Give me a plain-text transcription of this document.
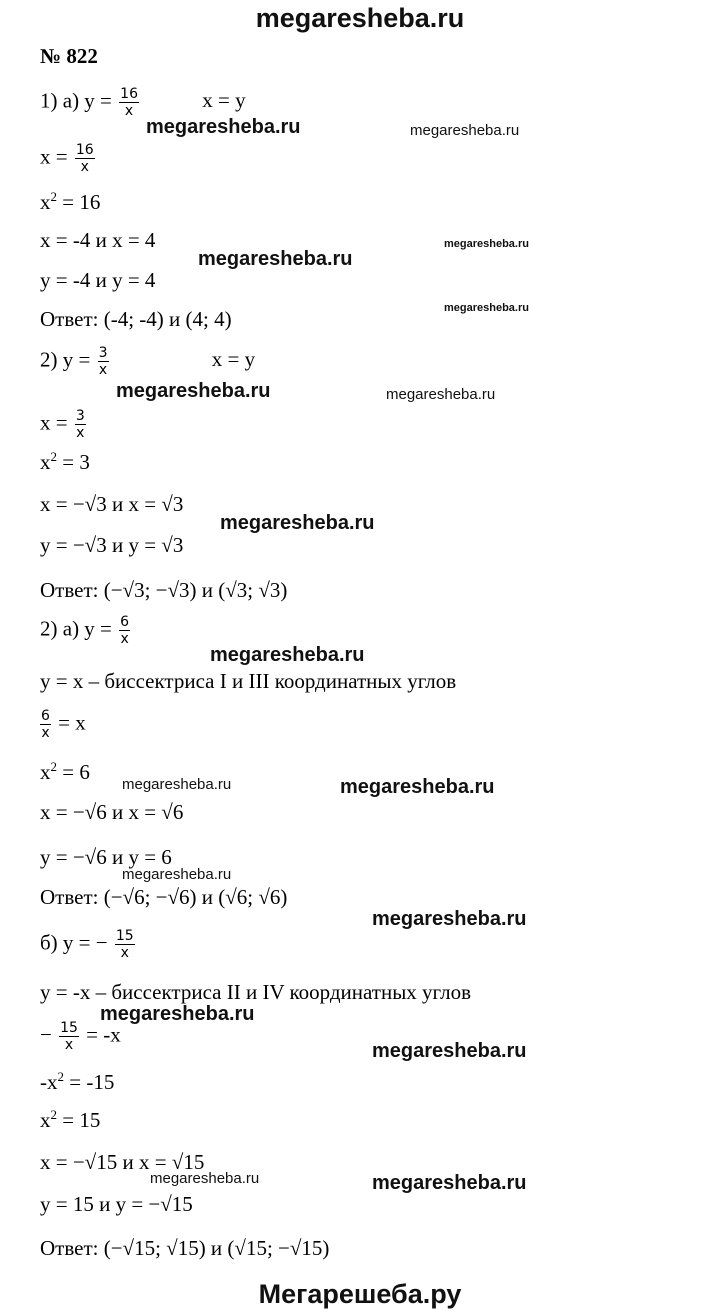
megaresheba.ru
№ 822
1) а) $у = \frac{16}{x}$	x = y
$x = \frac{16}{x}$
$x^2 = 16$
x = -4 и x = 4
у = -4 и у = 4
Ответ: (-4; -4) и (4; 4)
2) $у = \frac{3}{x}$	x = y
$x = \frac{3}{x}$
$x^2 = 3$
x = −√3 и x = √3
у = −√3 и у = √3
Ответ: (−√3; −√3) и (√3; √3)
2) а) $у = \frac{6}{x}$
у = x – биссектриса I и III координатных углов
$\frac{6}{x} = x$
$x^2 = 6$
x = −√6 и x = √6
у = −√6 и у = 6
Ответ: (−√6; −√6) и (√6; √6)
б) у = − $\frac{15}{x}$
у = -x – биссектриса II и IV координатных углов
− $\frac{15}{x} = -x$
$-x^2 = -15$
$x^2 = 15$
x = −√15 и x = √15
у = 15 и у = −√15
Ответ: (−√15; √15) и (√15; −√15)
megaresheba.ru	megaresheba.ru
megaresheba.ru
megaresheba.ru
megaresheba.ru
megaresheba.ru	megaresheba.ru
megaresheba.ru
megaresheba.ru
megaresheba.ru	megaresheba.ru
megaresheba.ru
megaresheba.ru
megaresheba.ru
megaresheba.ru
megaresheba.ru	megaresheba.ru
Мегарешеба.ру
